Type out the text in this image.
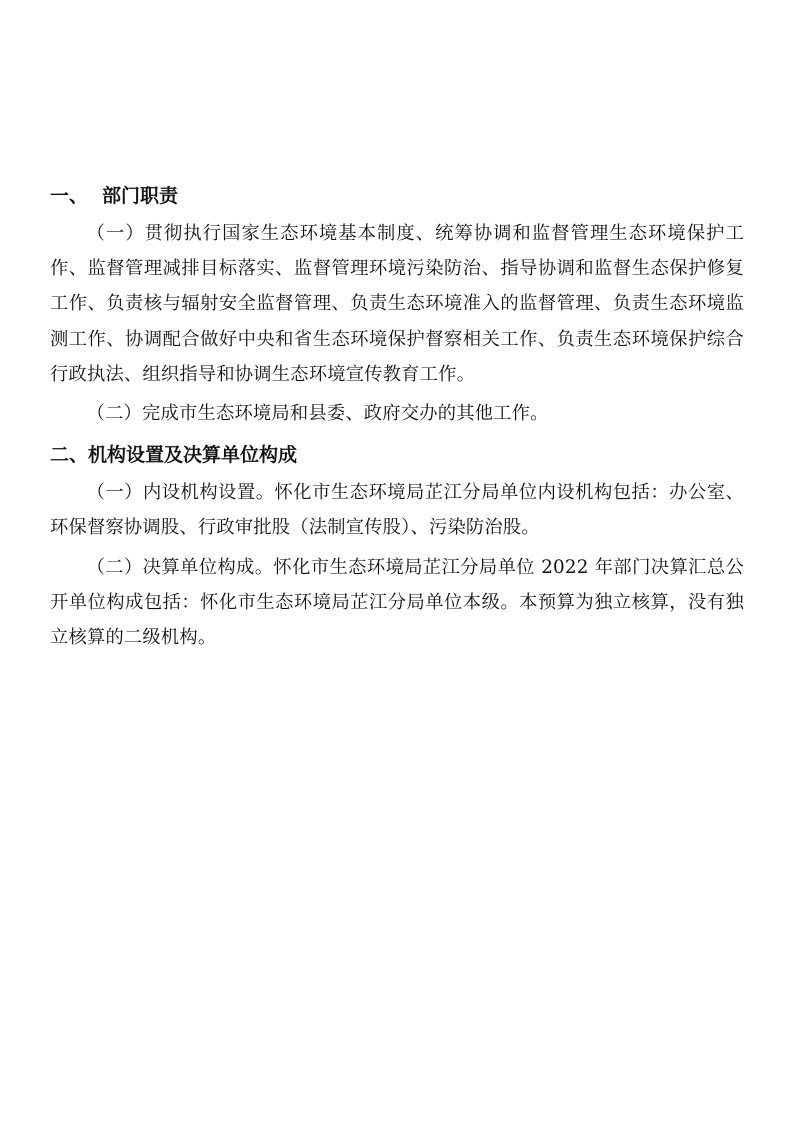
一、 部门职责

（一）贯彻执行国家生态环境基本制度、统筹协调和监督管理生态环境保护工作、监督管理减排目标落实、监督管理环境污染防治、指导协调和监督生态保护修复工作、负责核与辐射安全监督管理、负责生态环境准入的监督管理、负责生态环境监测工作、协调配合做好中央和省生态环境保护督察相关工作、负责生态环境保护综合行政执法、组织指导和协调生态环境宣传教育工作。

（二）完成市生态环境局和县委、政府交办的其他工作。

二、机构设置及决算单位构成

（一）内设机构设置。怀化市生态环境局芷江分局单位内设机构包括：办公室、环保督察协调股、行政审批股（法制宣传股）、污染防治股。

（二）决算单位构成。怀化市生态环境局芷江分局单位 2022 年部门决算汇总公开单位构成包括：怀化市生态环境局芷江分局单位本级。本预算为独立核算，没有独立核算的二级机构。
